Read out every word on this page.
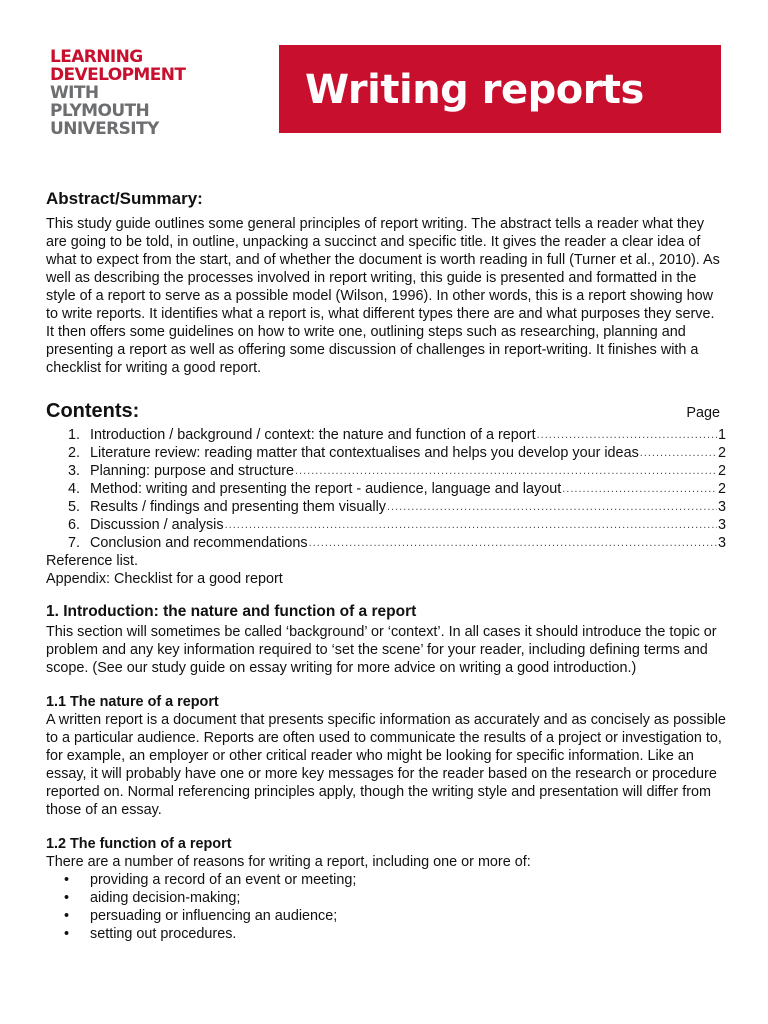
LEARNING
DEVELOPMENT
WITH
PLYMOUTH
UNIVERSITY
Writing reports
Abstract/Summary:

This study guide outlines some general principles of report writing. The abstract tells a reader what they are going to be told, in outline, unpacking a succinct and specific title. It gives the reader a clear idea of what to expect from the start, and of whether the document is worth reading in full (Turner et al., 2010). As well as describing the processes involved in report writing, this guide is presented and formatted in the style of a report to serve as a possible model (Wilson, 1996). In other words, this is a report showing how to write reports. It identifies what a report is, what different types there are and what purposes they serve. It then offers some guidelines on how to write one, outlining steps such as researching, planning and presenting a report as well as offering some discussion of challenges in report-writing. It finishes with a checklist for writing a good report.

Contents:	Page
1. Introduction / background / context: the nature and function of a report .....	1
2. Literature review: reading matter that contextualises and helps you develop your ideas .....	2
3. Planning: purpose and structure .....	2
4. Method: writing and presenting the report - audience, language and layout .....	2
5. Results / findings and presenting them visually .....	3
6. Discussion / analysis .....	3
7. Conclusion and recommendations .....	3
Reference list.
Appendix: Checklist for a good report
1. Introduction: the nature and function of a report

This section will sometimes be called ‘background’ or ‘context’. In all cases it should introduce the topic or problem and any key information required to ‘set the scene’ for your reader, including defining terms and scope. (See our study guide on essay writing for more advice on writing a good introduction.)

1.1 The nature of a report

A written report is a document that presents specific information as accurately and as concisely as possible to a particular audience. Reports are often used to communicate the results of a project or investigation to, for example, an employer or other critical reader who might be looking for specific information. Like an essay, it will probably have one or more key messages for the reader based on the research or procedure reported on. Normal referencing principles apply, though the writing style and presentation will differ from those of an essay.

1.2 The function of a report

There are a number of reasons for writing a report, including one or more of:

• providing a record of an event or meeting;
• aiding decision-making;
• persuading or influencing an audience;
• setting out procedures.
